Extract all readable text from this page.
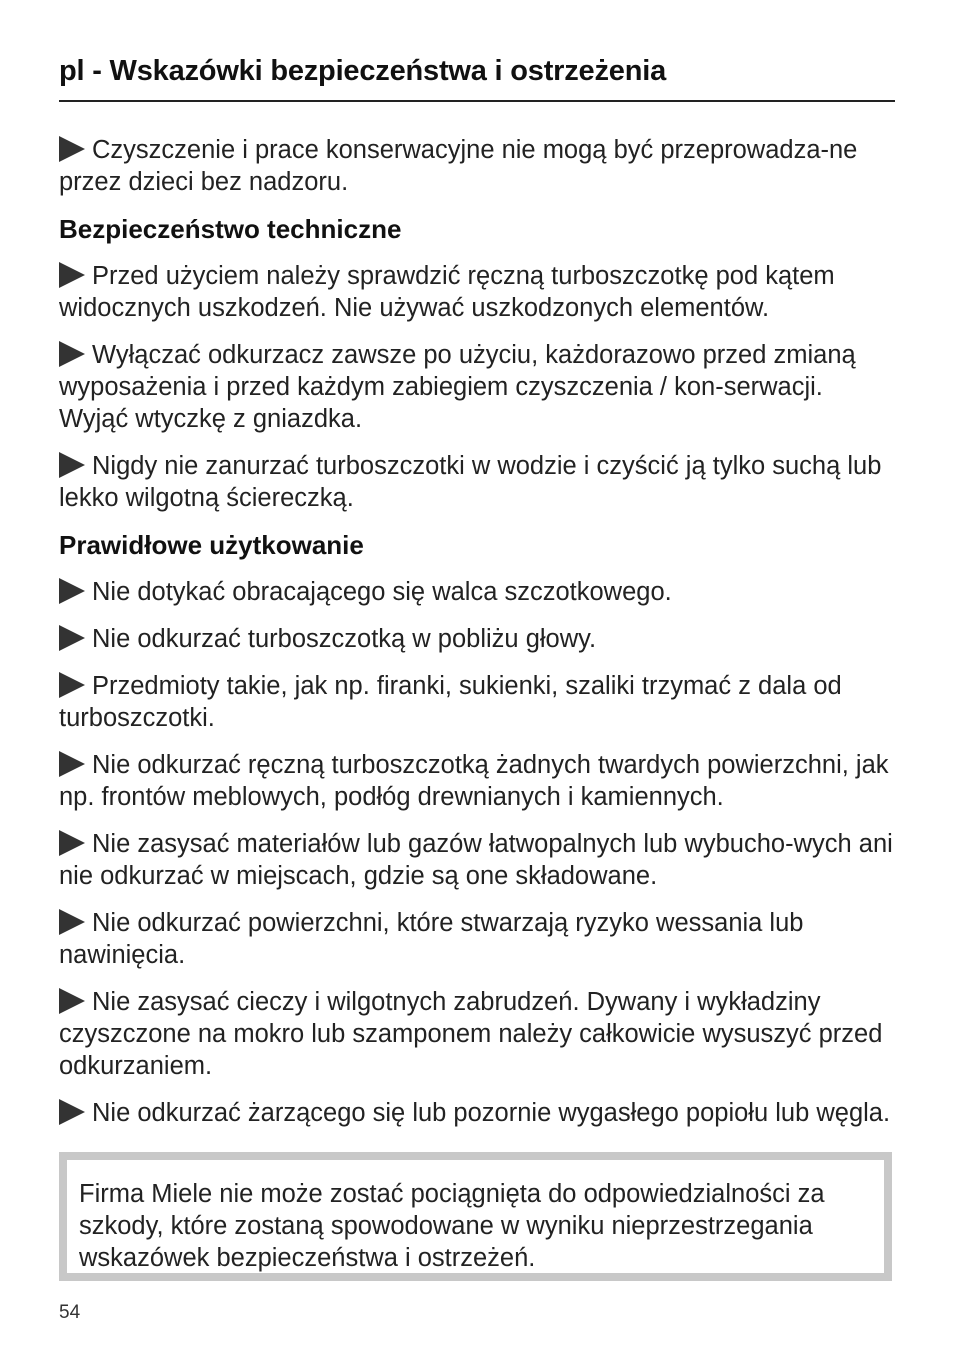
pl - Wskazówki bezpieczeństwa i ostrzeżenia
Czyszczenie i prace konserwacyjne nie mogą być przeprowadza-ne przez dzieci bez nadzoru.
Bezpieczeństwo techniczne
Przed użyciem należy sprawdzić ręczną turboszczotkę pod kątem widocznych uszkodzeń. Nie używać uszkodzonych elementów.
Wyłączać odkurzacz zawsze po użyciu, każdorazowo przed zmianą wyposażenia i przed każdym zabiegiem czyszczenia / kon-serwacji. Wyjąć wtyczkę z gniazdka.
Nigdy nie zanurzać turboszczotki w wodzie i czyścić ją tylko suchą lub lekko wilgotną ściereczką.
Prawidłowe użytkowanie
Nie dotykać obracającego się walca szczotkowego.
Nie odkurzać turboszczotką w pobliżu głowy.
Przedmioty takie, jak np. firanki, sukienki, szaliki trzymać z dala od turboszczotki.
Nie odkurzać ręczną turboszczotką żadnych twardych powierzchni, jak np. frontów meblowych, podłóg drewnianych i kamiennych.
Nie zasysać materiałów lub gazów łatwopalnych lub wybucho-wych ani nie odkurzać w miejscach, gdzie są one składowane.
Nie odkurzać powierzchni, które stwarzają ryzyko wessania lub nawinięcia.
Nie zasysać cieczy i wilgotnych zabrudzeń. Dywany i wykładziny czyszczone na mokro lub szamponem należy całkowicie wysuszyć przed odkurzaniem.
Nie odkurzać żarzącego się lub pozornie wygasłego popiołu lub węgla.
Firma Miele nie może zostać pociągnięta do odpowiedzialności za szkody, które zostaną spowodowane w wyniku nieprzestrzegania wskazówek bezpieczeństwa i ostrzeżeń.
54
